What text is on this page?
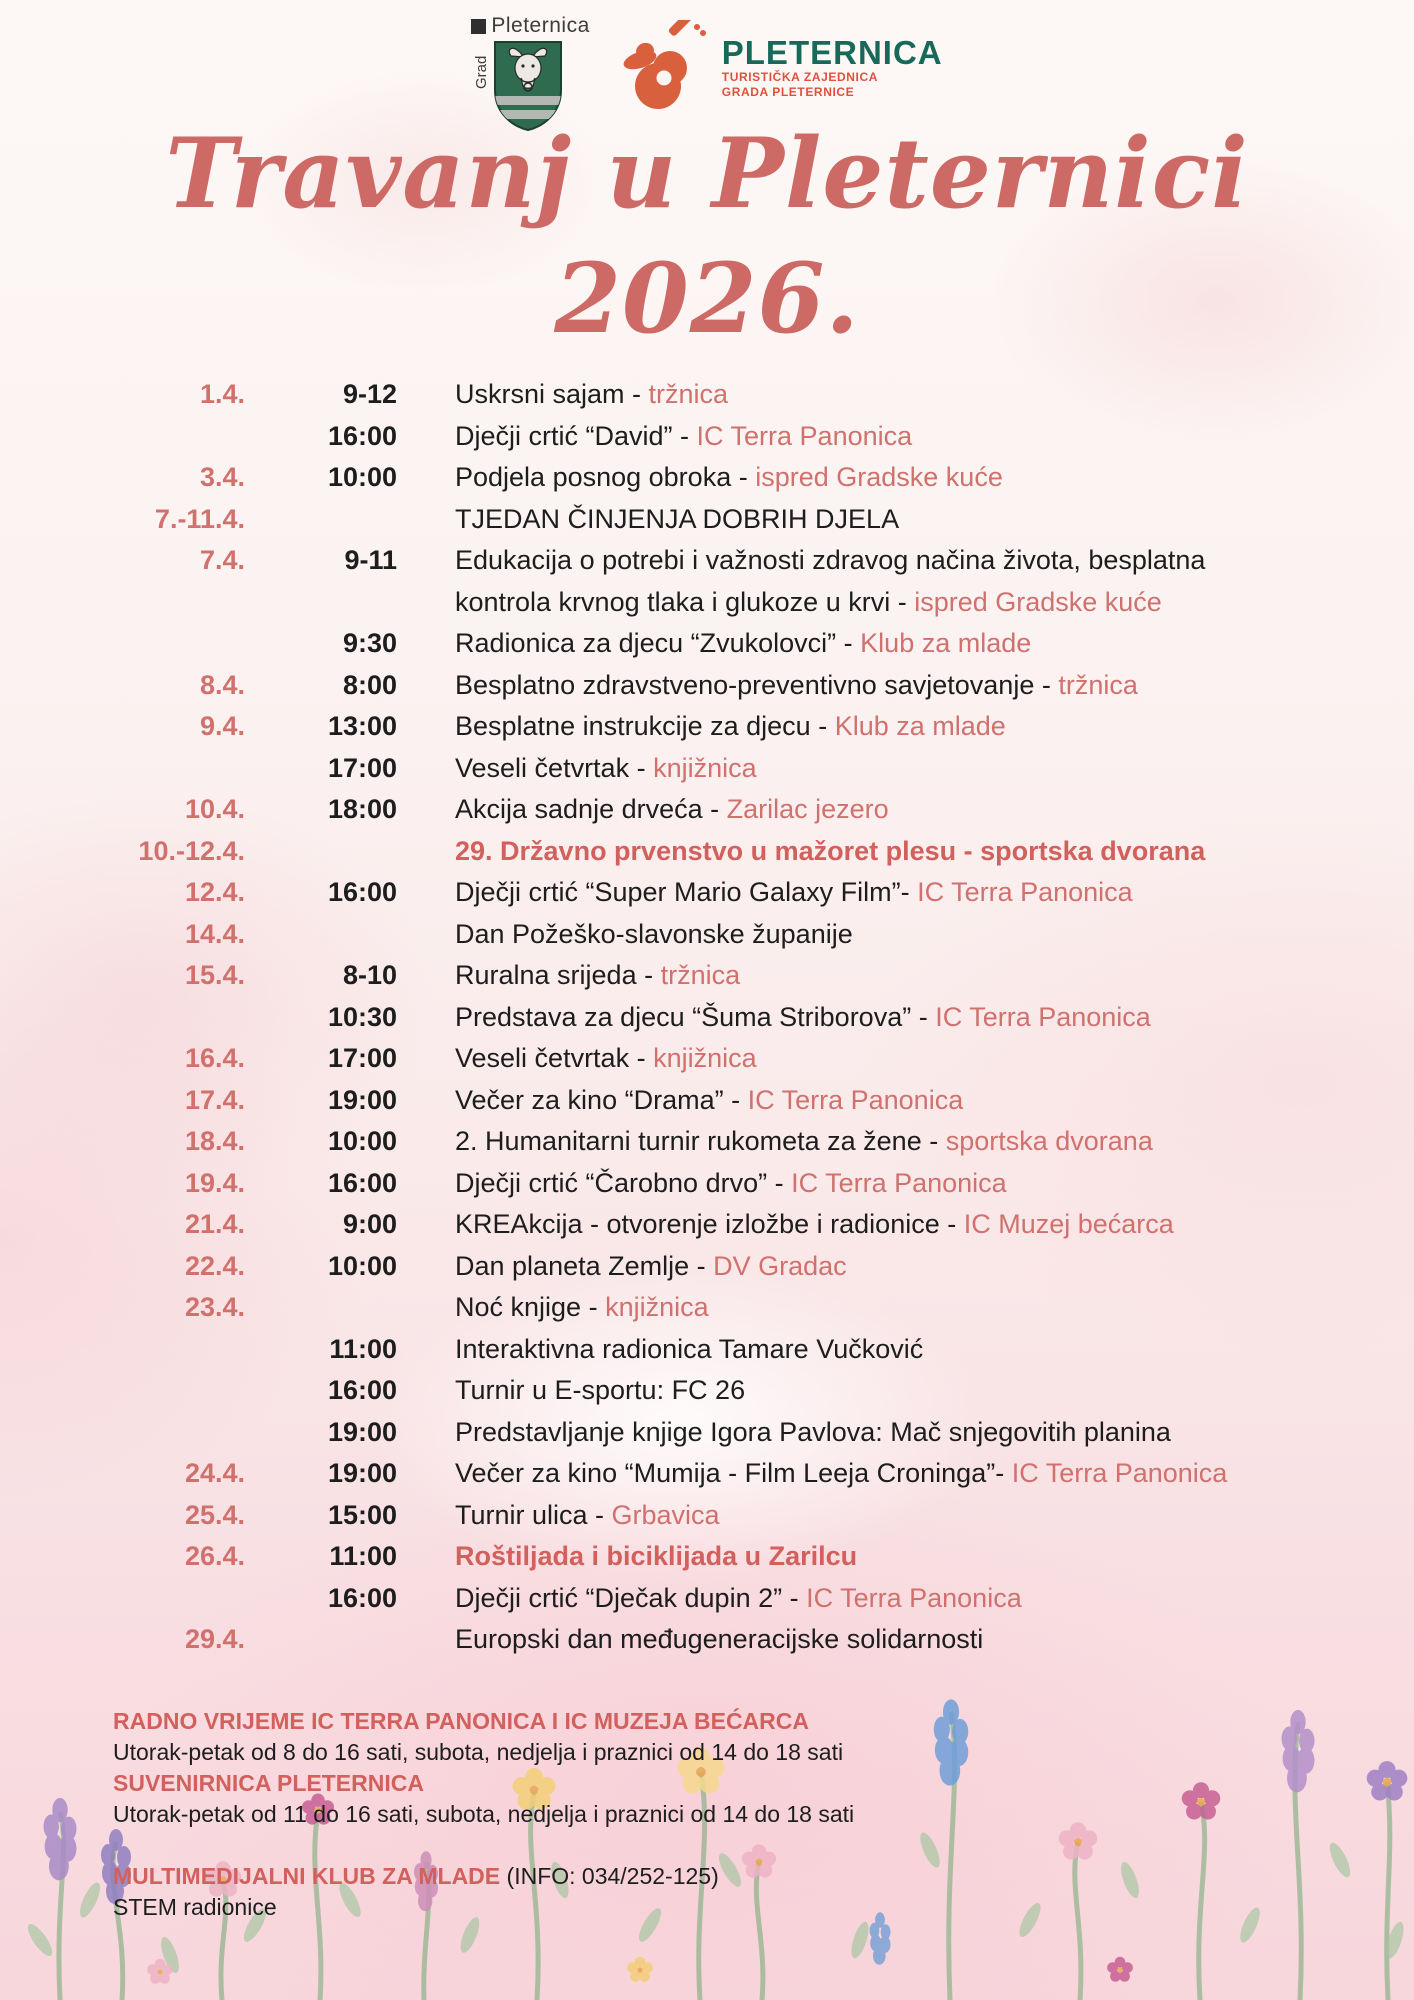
Pleternica
Grad
PLETERNICA
TURISTIČKA ZAJEDNICA
GRADA PLETERNICE
Travanj u Pleternici 2026.
1.4.	9-12	Uskrsni sajam - tržnica
16:00	Dječji crtić “David” - IC Terra Panonica
3.4.	10:00	Podjela posnog obroka - ispred Gradske kuće
7.-11.4.	TJEDAN ČINJENJA DOBRIH DJELA
7.4.	9-11	Edukacija o potrebi i važnosti zdravog načina života, besplatna kontrola krvnog tlaka i glukoze u krvi - ispred Gradske kuće
9:30	Radionica za djecu “Zvukolovci” - Klub za mlade
8.4.	8:00	Besplatno zdravstveno-preventivno savjetovanje - tržnica
9.4.	13:00	Besplatne instrukcije za djecu - Klub za mlade
17:00	Veseli četvrtak - knjižnica
10.4.	18:00	Akcija sadnje drveća - Zarilac jezero
10.-12.4.	29. Državno prvenstvo u mažoret plesu - sportska dvorana
12.4.	16:00	Dječji crtić “Super Mario Galaxy Film”- IC Terra Panonica
14.4.	Dan Požeško-slavonske županije
15.4.	8-10	Ruralna srijeda - tržnica
10:30	Predstava za djecu “Šuma Striborova” - IC Terra Panonica
16.4.	17:00	Veseli četvrtak - knjižnica
17.4.	19:00	Večer za kino “Drama” - IC Terra Panonica
18.4.	10:00	2. Humanitarni turnir rukometa za žene - sportska dvorana
19.4.	16:00	Dječji crtić “Čarobno drvo” - IC Terra Panonica
21.4.	9:00	KREAkcija - otvorenje izložbe i radionice - IC Muzej bećarca
22.4.	10:00	Dan planeta Zemlje - DV Gradac
23.4.	Noć knjige - knjižnica
11:00	Interaktivna radionica Tamare Vučković
16:00	Turnir u E-sportu: FC 26
19:00	Predstavljanje knjige Igora Pavlova: Mač snjegovitih planina
24.4.	19:00	Večer za kino “Mumija - Film Leeja Croninga”- IC Terra Panonica
25.4.	15:00	Turnir ulica - Grbavica
26.4.	11:00	Roštiljada i biciklijada u Zarilcu
16:00	Dječji crtić “Dječak dupin 2” - IC Terra Panonica
29.4.	Europski dan međugeneracijske solidarnosti
RADNO VRIJEME IC TERRA PANONICA I IC MUZEJA BEĆARCA
Utorak-petak od 8 do 16 sati, subota, nedjelja i praznici od 14 do 18 sati
SUVENIRNICA PLETERNICA
Utorak-petak od 11 do 16 sati, subota, nedjelja i praznici od 14 do 18 sati
MULTIMEDIJALNI KLUB ZA MLADE (INFO: 034/252-125)
STEM radionice
